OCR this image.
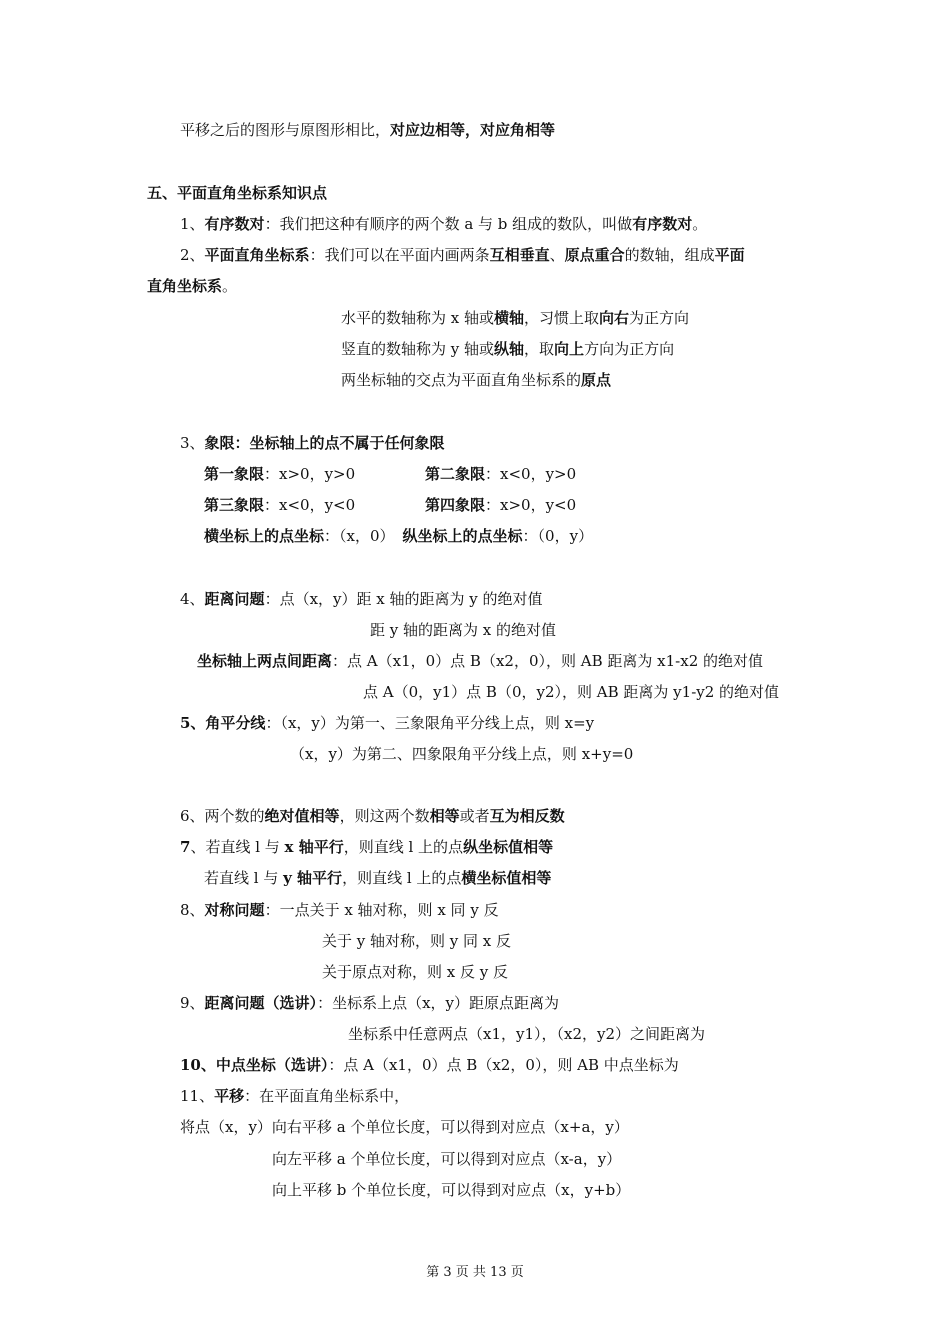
平移之后的图形与原图形相比，对应边相等，对应角相等
五、平面直角坐标系知识点
1、有序数对：我们把这种有顺序的两个数 a 与 b 组成的数队，叫做有序数对。
2、平面直角坐标系：我们可以在平面内画两条互相垂直、原点重合的数轴，组成平面
直角坐标系。
水平的数轴称为 x 轴或横轴，习惯上取向右为正方向
竖直的数轴称为 y 轴或纵轴，取向上方向为正方向
两坐标轴的交点为平面直角坐标系的原点
3、象限：坐标轴上的点不属于任何象限
第一象限：x>0，y>0	第二象限：x<0，y>0
第三象限：x<0，y<0	第四象限：x>0，y<0
横坐标上的点坐标：（x，0） 纵坐标上的点坐标：（0，y）
4、距离问题：点（x，y）距 x 轴的距离为 y 的绝对值
距 y 轴的距离为 x 的绝对值
坐标轴上两点间距离：点 A（x1，0）点 B（x2，0），则 AB 距离为 x1-x2 的绝对值
点 A（0，y1）点 B（0，y2），则 AB 距离为 y1-y2 的绝对值
5、角平分线：（x，y）为第一、三象限角平分线上点，则 x=y
（x，y）为第二、四象限角平分线上点，则 x+y=0
6、两个数的绝对值相等，则这两个数相等或者互为相反数
7、若直线 l 与 x 轴平行，则直线 l 上的点纵坐标值相等
若直线 l 与 y 轴平行，则直线 l 上的点横坐标值相等
8、对称问题：一点关于 x 轴对称，则 x 同 y 反
关于 y 轴对称，则 y 同 x 反
关于原点对称，则 x 反 y 反
9、距离问题（选讲）：坐标系上点（x，y）距原点距离为
坐标系中任意两点（x1，y1），（x2，y2）之间距离为
10、中点坐标（选讲）：点 A（x1，0）点 B（x2，0），则 AB 中点坐标为
11、平移：在平面直角坐标系中，
将点（x，y）向右平移 a 个单位长度，可以得到对应点（x+a，y）
向左平移 a 个单位长度，可以得到对应点（x-a，y）
向上平移 b 个单位长度，可以得到对应点（x，y+b）
第 3 页 共 13 页
